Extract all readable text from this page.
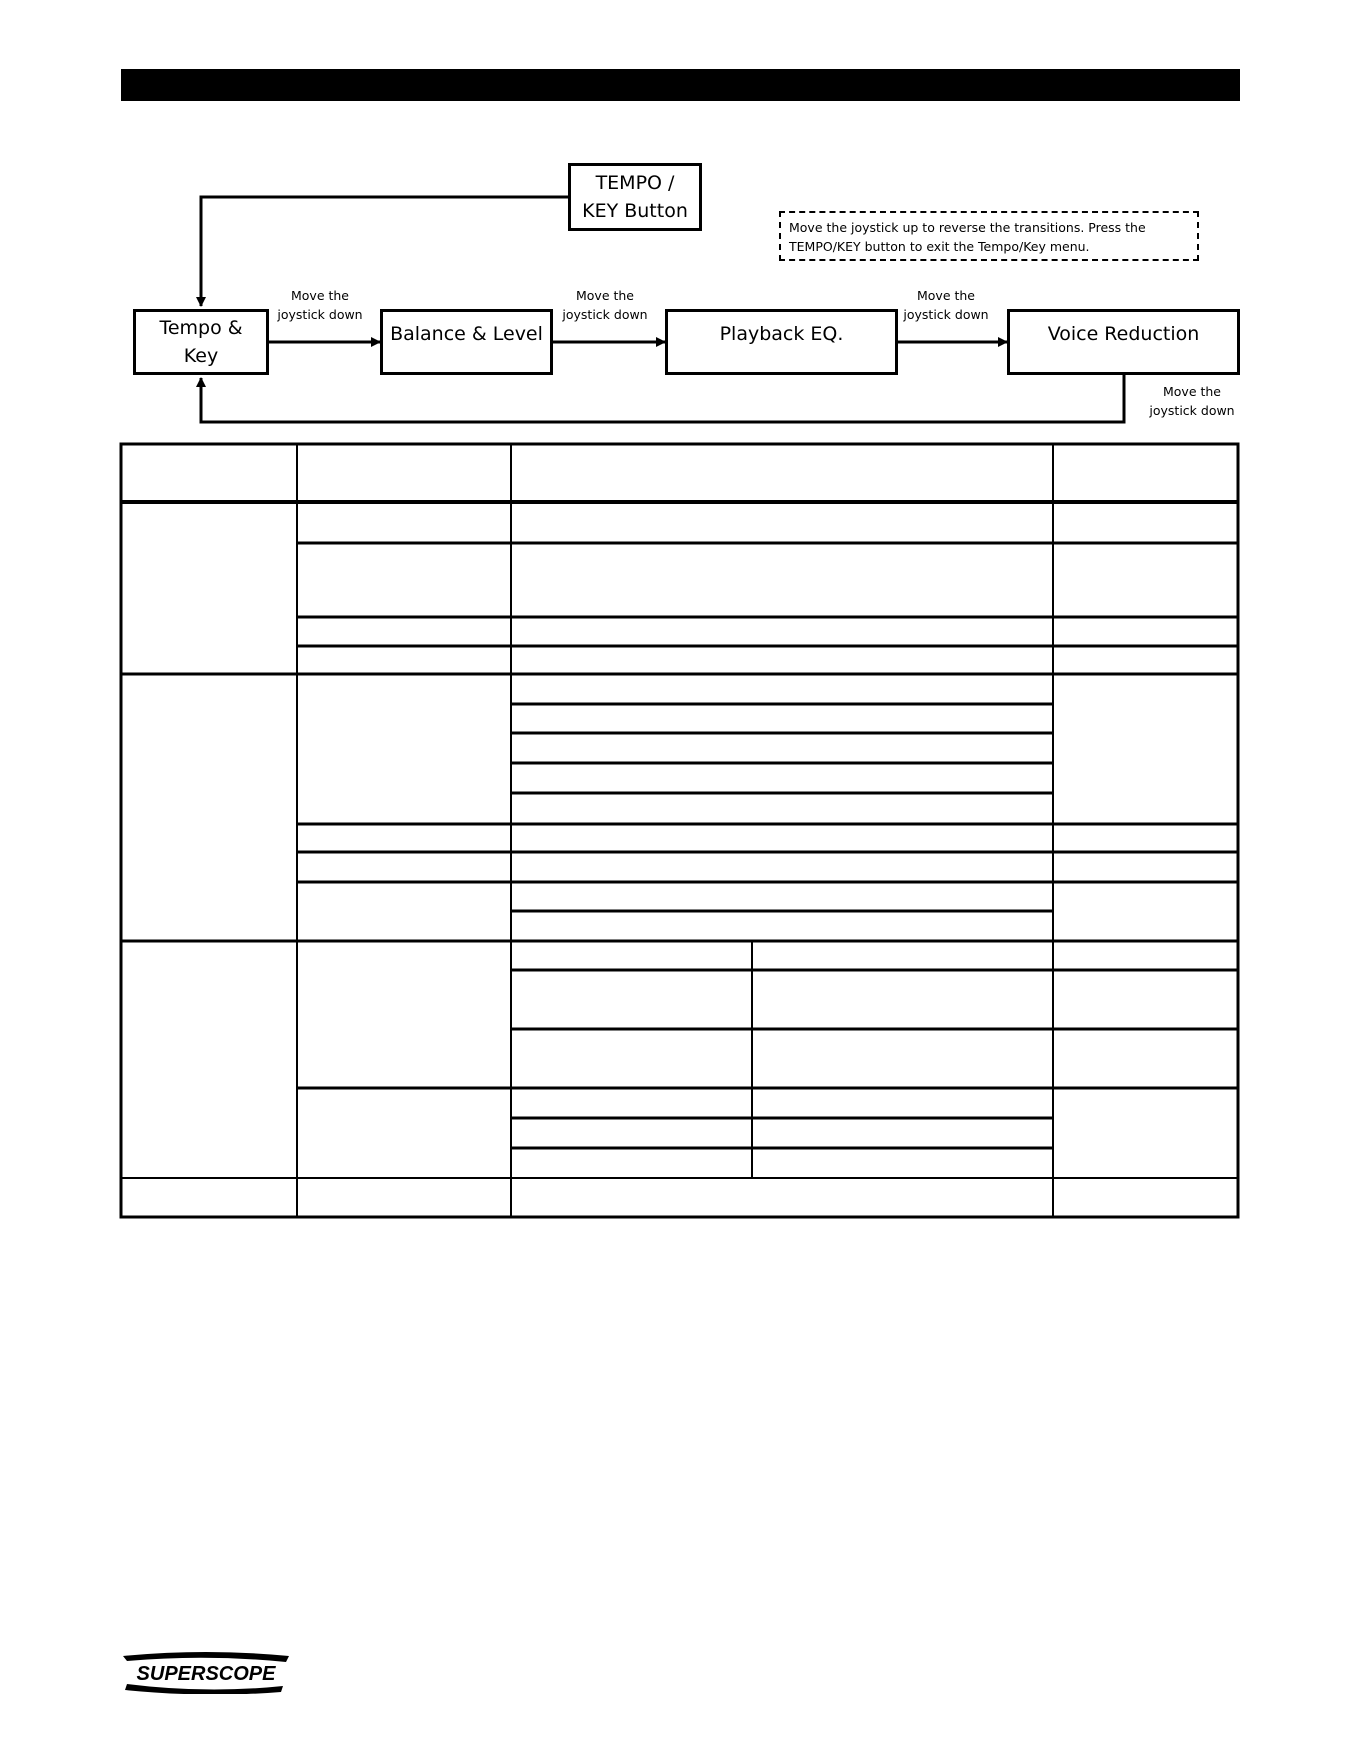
TEMPO /
KEY Button
Tempo &
Key
Balance & Level	Playback EQ.	Voice Reduction
Move the
joystick down
Move the
joystick down
Move the
joystick down
Move the
joystick down
Move the joystick up to reverse the transitions. Press the TEMPO/KEY button to exit the Tempo/Key menu.
SUPERSCOPE
